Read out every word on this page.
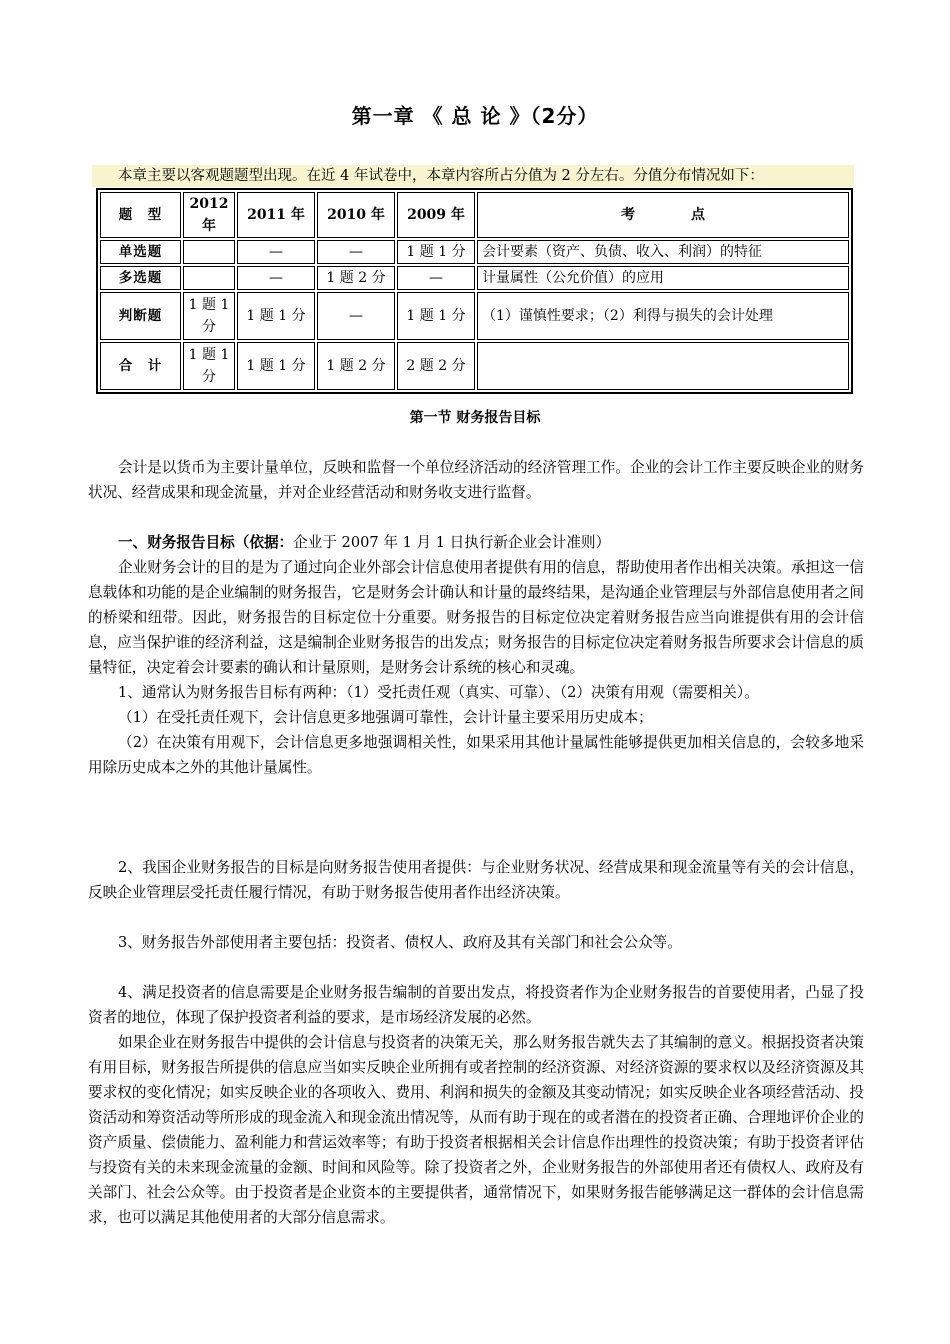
第一章 《 总 论 》（2分）
本章主要以客观题题型出现。在近 4 年试卷中，本章内容所占分值为 2 分左右。分值分布情况如下：
题　型	2012 年	2011 年	2010 年	2009 年	考　　　　点
单选题		—	—	1 题 1 分	会计要素（资产、负债、收入、利润）的特征
多选题		—	1 题 2 分	—	计量属性（公允价值）的应用
判断题	1 题 1 分	1 题 1 分	—	1 题 1 分	（1）谨慎性要求；（2）利得与损失的会计处理
合　计	1 题 1 分	1 题 1 分	1 题 2 分	2 题 2 分	
第一节 财务报告目标

会计是以货币为主要计量单位，反映和监督一个单位经济活动的经济管理工作。企业的会计工作主要反映企业的财务状况、经营成果和现金流量，并对企业经营活动和财务收支进行监督。

一、财务报告目标（依据：企业于 2007 年 1 月 1 日执行新企业会计准则）

企业财务会计的目的是为了通过向企业外部会计信息使用者提供有用的信息，帮助使用者作出相关决策。承担这一信息载体和功能的是企业编制的财务报告，它是财务会计确认和计量的最终结果，是沟通企业管理层与外部信息使用者之间的桥梁和纽带。因此，财务报告的目标定位十分重要。财务报告的目标定位决定着财务报告应当向谁提供有用的会计信息，应当保护谁的经济利益，这是编制企业财务报告的出发点；财务报告的目标定位决定着财务报告所要求会计信息的质量特征，决定着会计要素的确认和计量原则，是财务会计系统的核心和灵魂。

1、通常认为财务报告目标有两种：（1）受托责任观（真实、可靠）、（2）决策有用观（需要相关）。

（1）在受托责任观下，会计信息更多地强调可靠性，会计计量主要采用历史成本；

（2）在决策有用观下，会计信息更多地强调相关性，如果采用其他计量属性能够提供更加相关信息的，会较多地采用除历史成本之外的其他计量属性。

2、我国企业财务报告的目标是向财务报告使用者提供：与企业财务状况、经营成果和现金流量等有关的会计信息，反映企业管理层受托责任履行情况，有助于财务报告使用者作出经济决策。

3、财务报告外部使用者主要包括：投资者、债权人、政府及其有关部门和社会公众等。

4、满足投资者的信息需要是企业财务报告编制的首要出发点，将投资者作为企业财务报告的首要使用者，凸显了投资者的地位，体现了保护投资者利益的要求，是市场经济发展的必然。

如果企业在财务报告中提供的会计信息与投资者的决策无关，那么财务报告就失去了其编制的意义。根据投资者决策有用目标，财务报告所提供的信息应当如实反映企业所拥有或者控制的经济资源、对经济资源的要求权以及经济资源及其要求权的变化情况；如实反映企业的各项收入、费用、利润和损失的金额及其变动情况；如实反映企业各项经营活动、投资活动和筹资活动等所形成的现金流入和现金流出情况等，从而有助于现在的或者潜在的投资者正确、合理地评价企业的资产质量、偿债能力、盈利能力和营运效率等；有助于投资者根据相关会计信息作出理性的投资决策；有助于投资者评估与投资有关的未来现金流量的金额、时间和风险等。除了投资者之外，企业财务报告的外部使用者还有债权人、政府及有关部门、社会公众等。由于投资者是企业资本的主要提供者，通常情况下，如果财务报告能够满足这一群体的会计信息需求，也可以满足其他使用者的大部分信息需求。
